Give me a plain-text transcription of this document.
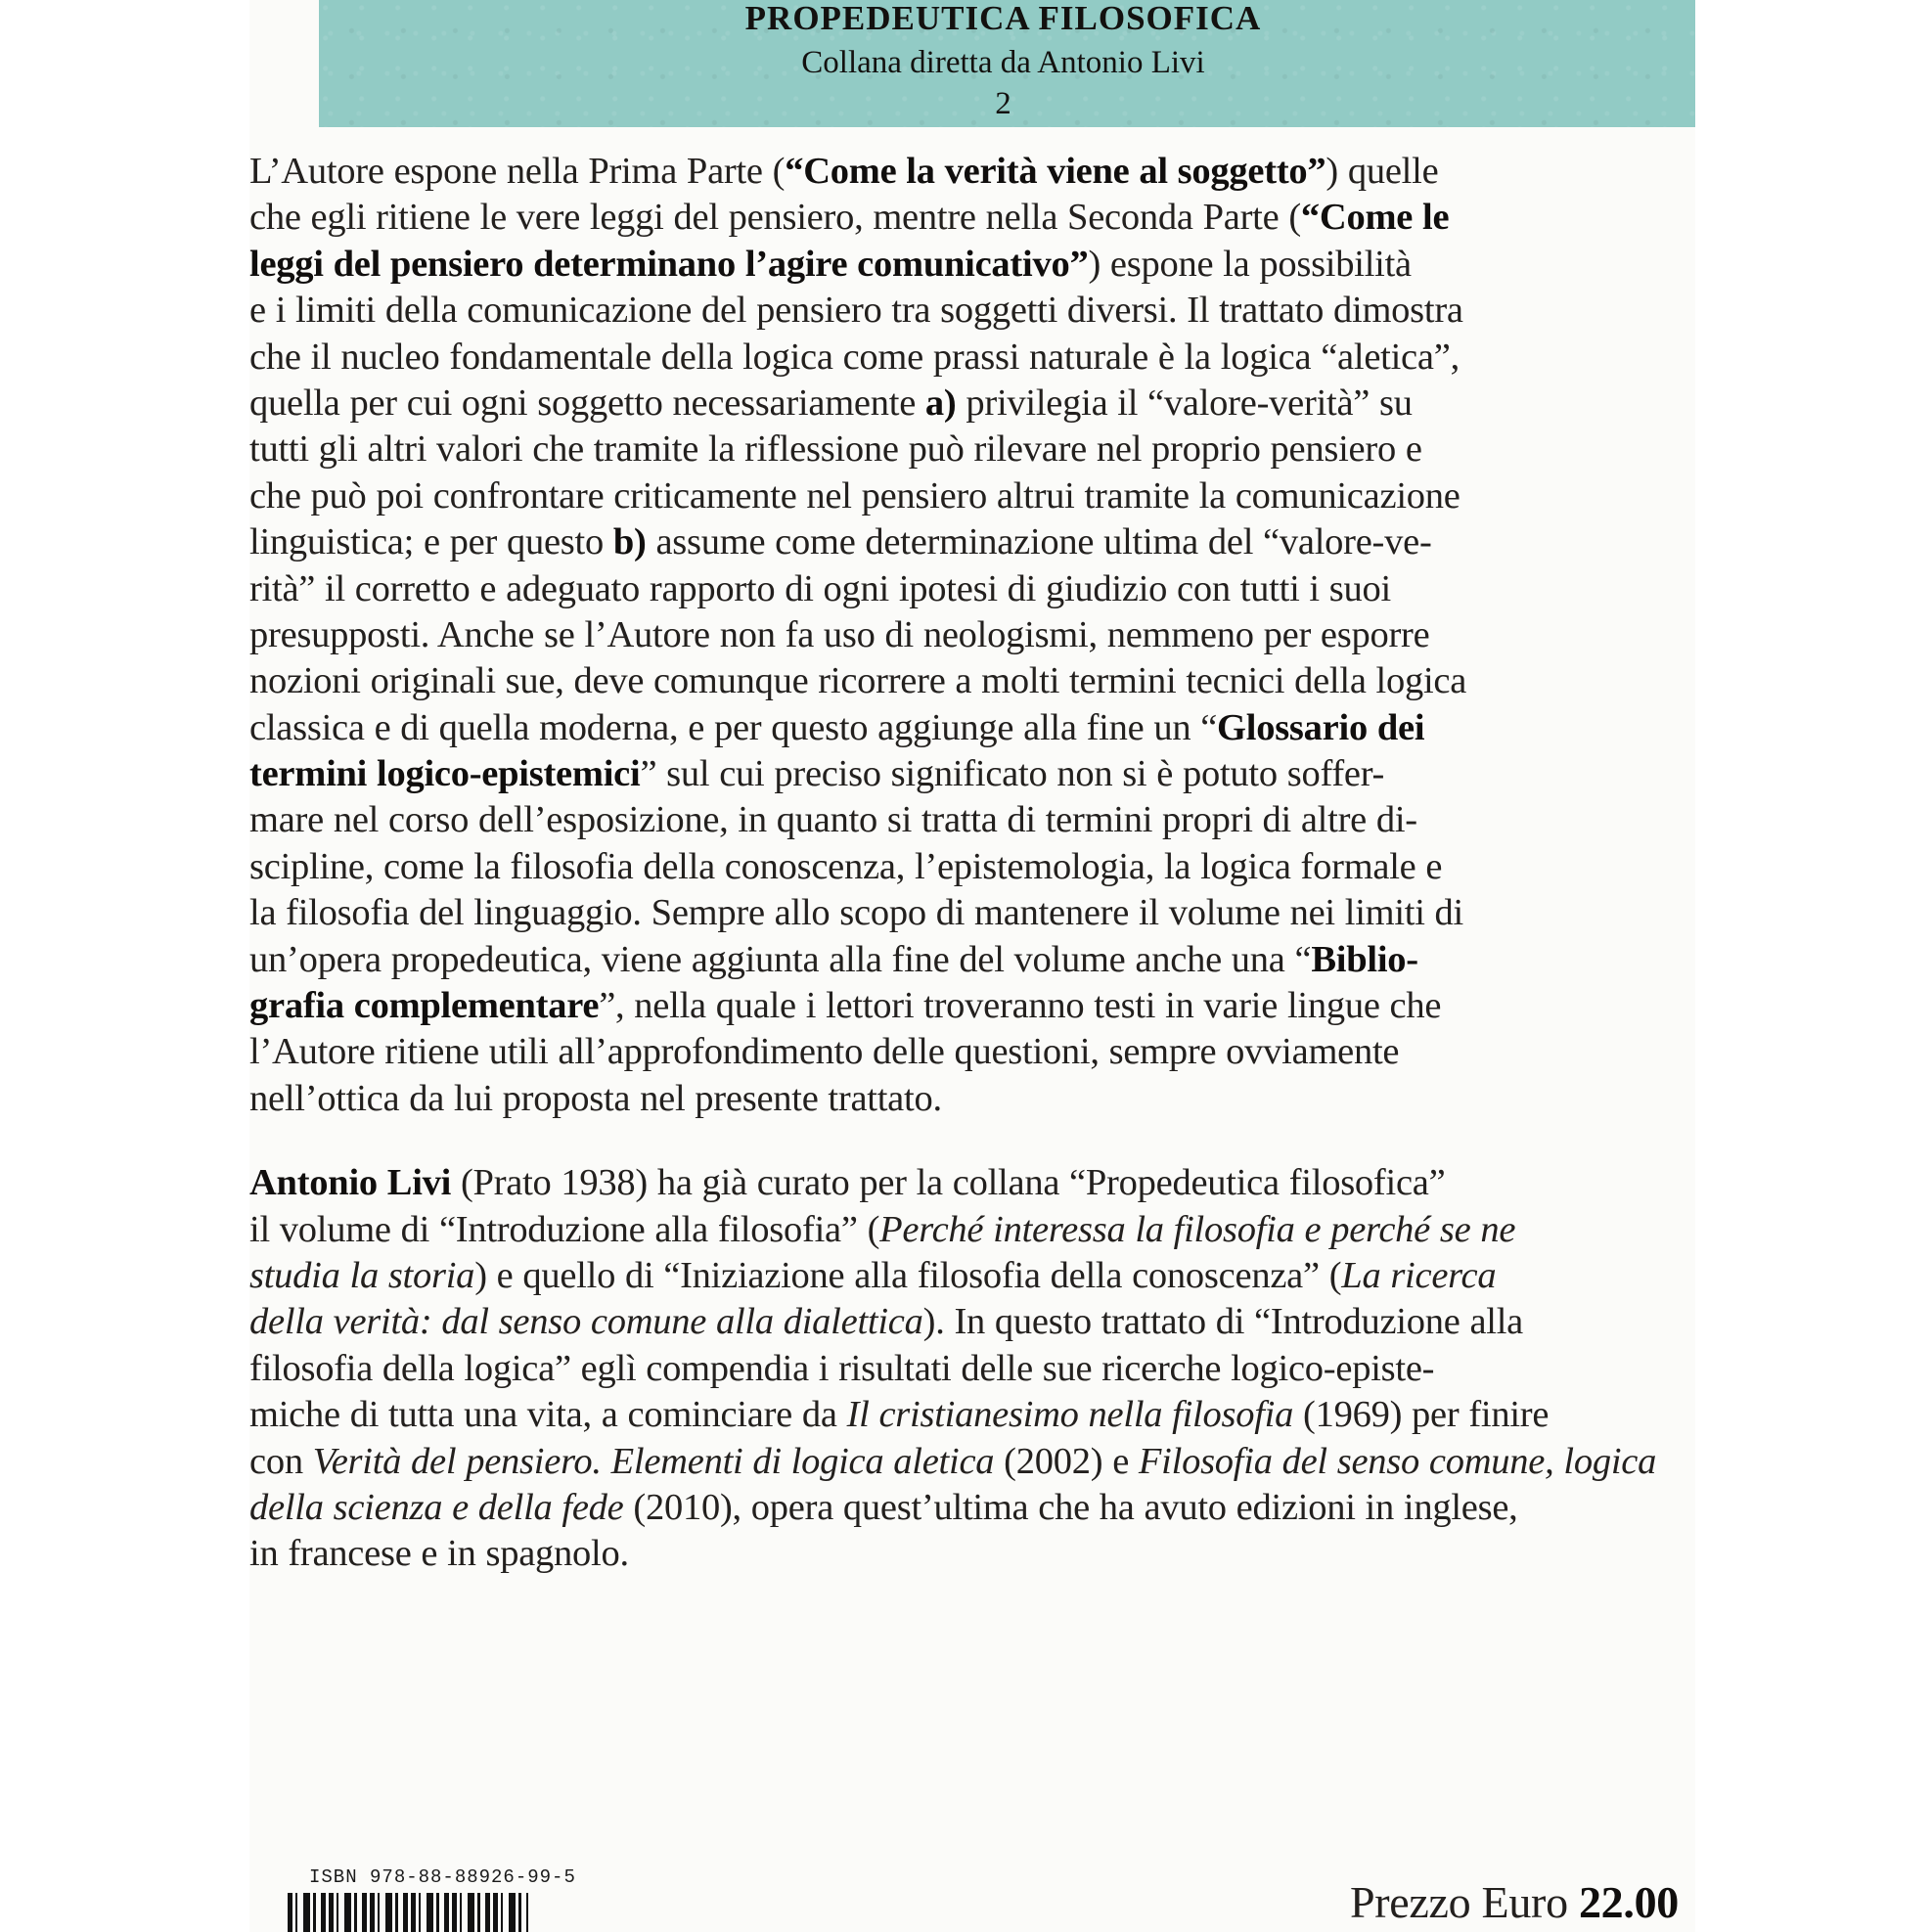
PROPEDEUTICA FILOSOFICA
Collana diretta da Antonio Livi
2
L’Autore espone nella Prima Parte (“Come la verità viene al soggetto”) quelle
che egli ritiene le vere leggi del pensiero, mentre nella Seconda Parte (“Come le
leggi del pensiero determinano l’agire comunicativo”) espone la possibilità
e i limiti della comunicazione del pensiero tra soggetti diversi. Il trattato dimostra
che il nucleo fondamentale della logica come prassi naturale è la logica “aletica”,
quella per cui ogni soggetto necessariamente a) privilegia il “valore-verità” su
tutti gli altri valori che tramite la riflessione può rilevare nel proprio pensiero e
che può poi confrontare criticamente nel pensiero altrui tramite la comunicazione
linguistica; e per questo b) assume come determinazione ultima del “valore-ve-
rità” il corretto e adeguato rapporto di ogni ipotesi di giudizio con tutti i suoi
presupposti. Anche se l’Autore non fa uso di neologismi, nemmeno per esporre
nozioni originali sue, deve comunque ricorrere a molti termini tecnici della logica
classica e di quella moderna, e per questo aggiunge alla fine un “Glossario dei
termini logico-epistemici” sul cui preciso significato non si è potuto soffer-
mare nel corso dell’esposizione, in quanto si tratta di termini propri di altre di-
scipline, come la filosofia della conoscenza, l’epistemologia, la logica formale e
la filosofia del linguaggio. Sempre allo scopo di mantenere il volume nei limiti di
un’opera propedeutica, viene aggiunta alla fine del volume anche una “Biblio-
grafia complementare”, nella quale i lettori troveranno testi in varie lingue che
l’Autore ritiene utili all’approfondimento delle questioni, sempre ovviamente
nell’ottica da lui proposta nel presente trattato.
Antonio Livi (Prato 1938) ha già curato per la collana “Propedeutica filosofica”
il volume di “Introduzione alla filosofia” (Perché interessa la filosofia e perché se ne
studia la storia) e quello di “Iniziazione alla filosofia della conoscenza” (La ricerca
della verità: dal senso comune alla dialettica). In questo trattato di “Introduzione alla
filosofia della logica” eglì compendia i risultati delle sue ricerche logico-episte-
miche di tutta una vita, a cominciare da Il cristianesimo nella filosofia (1969) per finire
con Verità del pensiero. Elementi di logica aletica (2002) e Filosofia del senso comune, logica
della scienza e della fede (2010), opera quest’ultima che ha avuto edizioni in inglese,
in francese e in spagnolo.
ISBN 978-88-88926-99-5	Prezzo Euro 22.00
